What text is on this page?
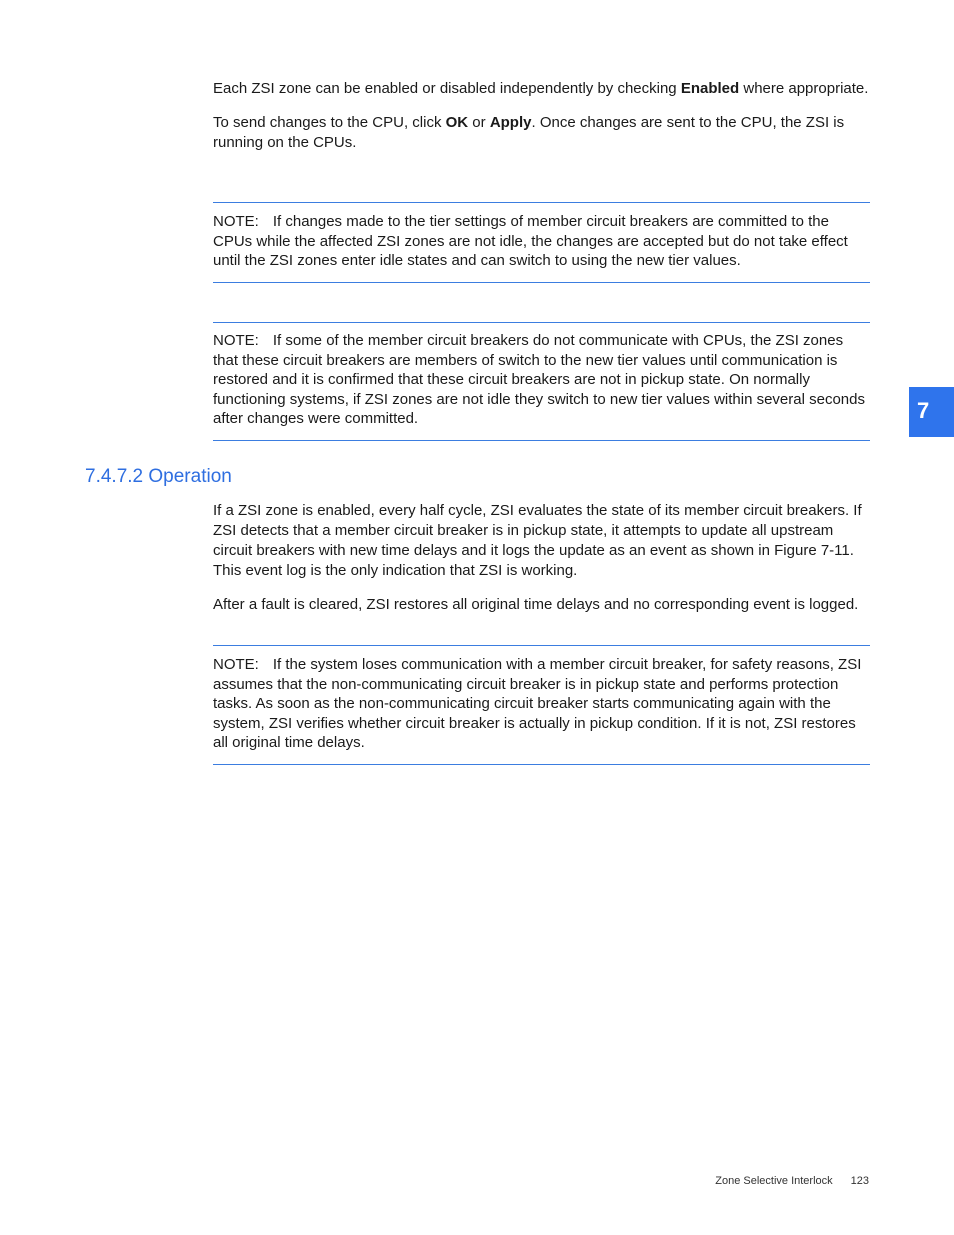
Each ZSI zone can be enabled or disabled independently by checking Enabled where appropriate.

To send changes to the CPU, click OK or Apply. Once changes are sent to the CPU, the ZSI is running on the CPUs.

NOTE: If changes made to the tier settings of member circuit breakers are committed to the CPUs while the affected ZSI zones are not idle, the changes are accepted but do not take effect until the ZSI zones enter idle states and can switch to using the new tier values.
NOTE: If some of the member circuit breakers do not communicate with CPUs, the ZSI zones that these circuit breakers are members of switch to the new tier values until communication is restored and it is confirmed that these circuit breakers are not in pickup state. On normally functioning systems, if ZSI zones are not idle they switch to new tier values within several seconds after changes were committed.
7.4.7.2 Operation

If a ZSI zone is enabled, every half cycle, ZSI evaluates the state of its member circuit breakers. If ZSI detects that a member circuit breaker is in pickup state, it attempts to update all upstream circuit breakers with new time delays and it logs the update as an event as shown in Figure 7-11. This event log is the only indication that ZSI is working.

After a fault is cleared, ZSI restores all original time delays and no corresponding event is logged.

NOTE: If the system loses communication with a member circuit breaker, for safety reasons, ZSI assumes that the non-communicating circuit breaker is in pickup state and performs protection tasks. As soon as the non-communicating circuit breaker starts communicating again with the system, ZSI verifies whether circuit breaker is actually in pickup condition. If it is not, ZSI restores all original time delays.
7
Zone Selective Interlock 123
